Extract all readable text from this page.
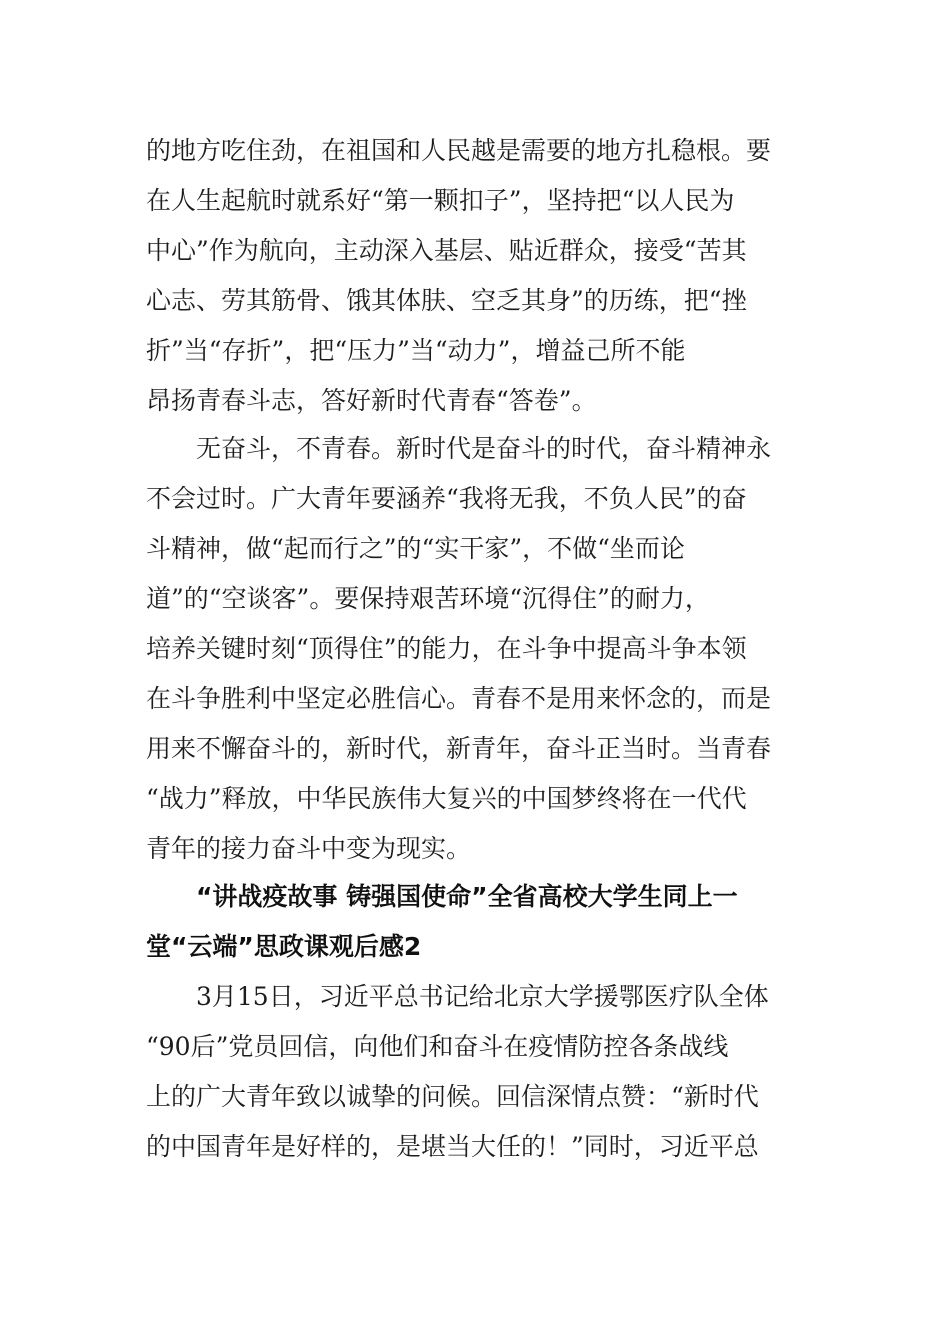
的地方吃住劲，在祖国和人民越是需要的地方扎稳根。要
在人生起航时就系好“第一颗扣子”，坚持把“以人民为
中心”作为航向，主动深入基层、贴近群众，接受“苦其
心志、劳其筋骨、饿其体肤、空乏其身”的历练，把“挫
折”当“存折”，把“压力”当“动力”，增益己所不能
昂扬青春斗志，答好新时代青春“答卷”。
无奋斗，不青春。新时代是奋斗的时代，奋斗精神永
不会过时。广大青年要涵养“我将无我，不负人民”的奋
斗精神，做“起而行之”的“实干家”，不做“坐而论
道”的“空谈客”。要保持艰苦环境“沉得住”的耐力，
培养关键时刻“顶得住”的能力，在斗争中提高斗争本领
在斗争胜利中坚定必胜信心。青春不是用来怀念的，而是
用来不懈奋斗的，新时代，新青年，奋斗正当时。当青春
“战力”释放，中华民族伟大复兴的中国梦终将在一代代
青年的接力奋斗中变为现实。
“讲战疫故事 铸强国使命”全省高校大学生同上一
堂“云端”思政课观后感2
3月15日，习近平总书记给北京大学援鄂医疗队全体
“90后”党员回信，向他们和奋斗在疫情防控各条战线
上的广大青年致以诚挚的问候。回信深情点赞：“新时代
的中国青年是好样的，是堪当大任的！”同时，习近平总
